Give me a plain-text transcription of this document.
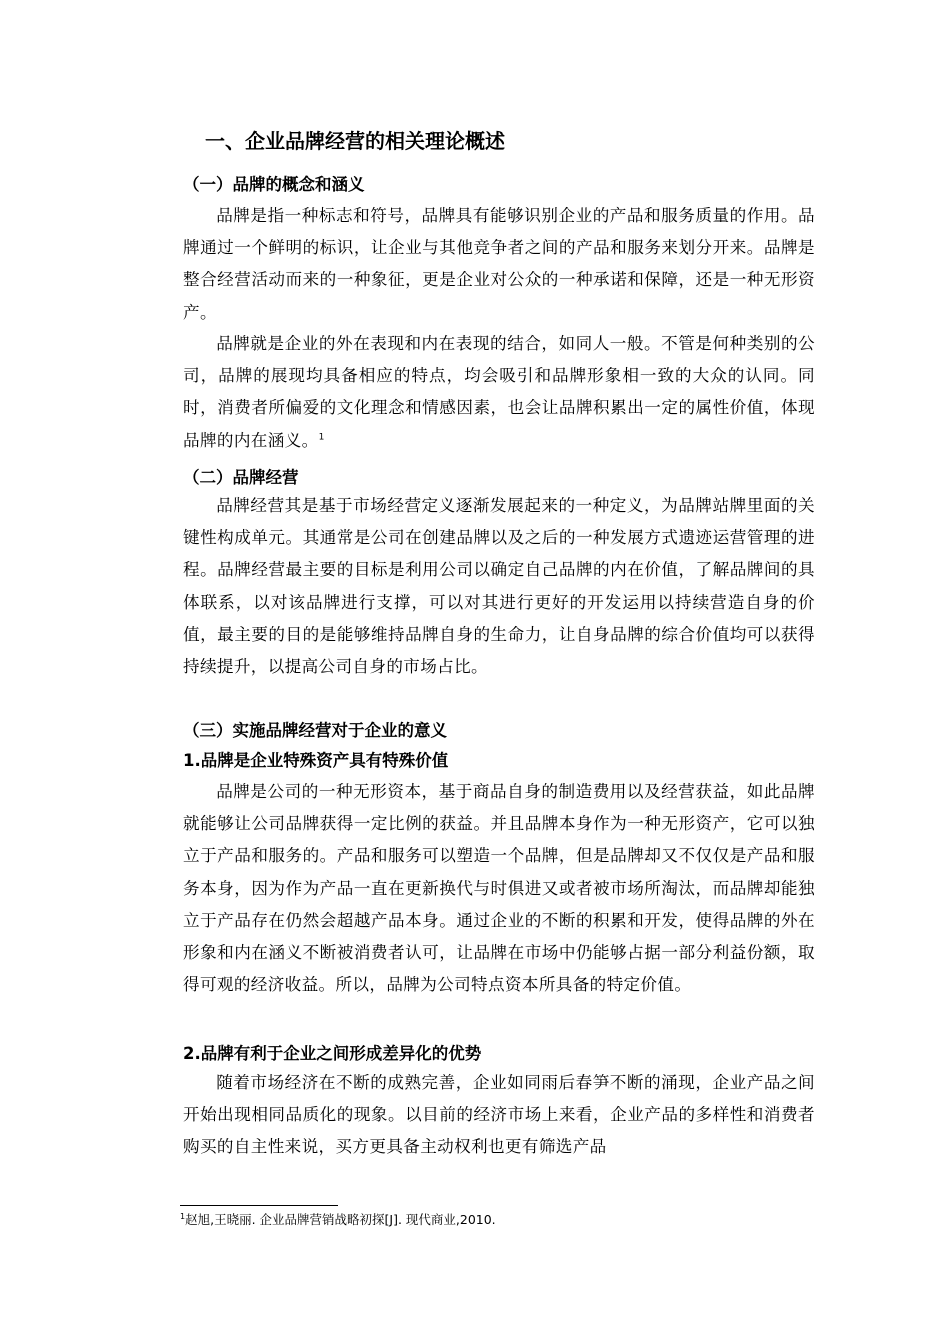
一、企业品牌经营的相关理论概述
（一）品牌的概念和涵义

品牌是指一种标志和符号，品牌具有能够识别企业的产品和服务质量的作用。品牌通过一个鲜明的标识，让企业与其他竞争者之间的产品和服务来划分开来。品牌是整合经营活动而来的一种象征，更是企业对公众的一种承诺和保障，还是一种无形资产。

品牌就是企业的外在表现和内在表现的结合，如同人一般。不管是何种类别的公司，品牌的展现均具备相应的特点，均会吸引和品牌形象相一致的大众的认同。同时，消费者所偏爱的文化理念和情感因素，也会让品牌积累出一定的属性价值，体现品牌的内在涵义。$^1$

（二）品牌经营

品牌经营其是基于市场经营定义逐渐发展起来的一种定义，为品牌站牌里面的关键性构成单元。其通常是公司在创建品牌以及之后的一种发展方式遗迹运营管理的进程。品牌经营最主要的目标是利用公司以确定自己品牌的内在价值，了解品牌间的具体联系，以对该品牌进行支撑，可以对其进行更好的开发运用以持续营造自身的价值，最主要的目的是能够维持品牌自身的生命力，让自身品牌的综合价值均可以获得持续提升，以提高公司自身的市场占比。

（三）实施品牌经营对于企业的意义
1.品牌是企业特殊资产具有特殊价值

品牌是公司的一种无形资本，基于商品自身的制造费用以及经营获益，如此品牌就能够让公司品牌获得一定比例的获益。并且品牌本身作为一种无形资产，它可以独立于产品和服务的。产品和服务可以塑造一个品牌，但是品牌却又不仅仅是产品和服务本身，因为作为产品一直在更新换代与时俱进又或者被市场所淘汰，而品牌却能独立于产品存在仍然会超越产品本身。通过企业的不断的积累和开发，使得品牌的外在形象和内在涵义不断被消费者认可，让品牌在市场中仍能够占据一部分利益份额，取得可观的经济收益。所以，品牌为公司特点资本所具备的特定价值。

2.品牌有利于企业之间形成差异化的优势

随着市场经济在不断的成熟完善，企业如同雨后春笋不断的涌现，企业产品之间开始出现相同品质化的现象。以目前的经济市场上来看，企业产品的多样性和消费者购买的自主性来说，买方更具备主动权利也更有筛选产品

$^1$赵旭,王晓丽. 企业品牌营销战略初探[J]. 现代商业,2010.
